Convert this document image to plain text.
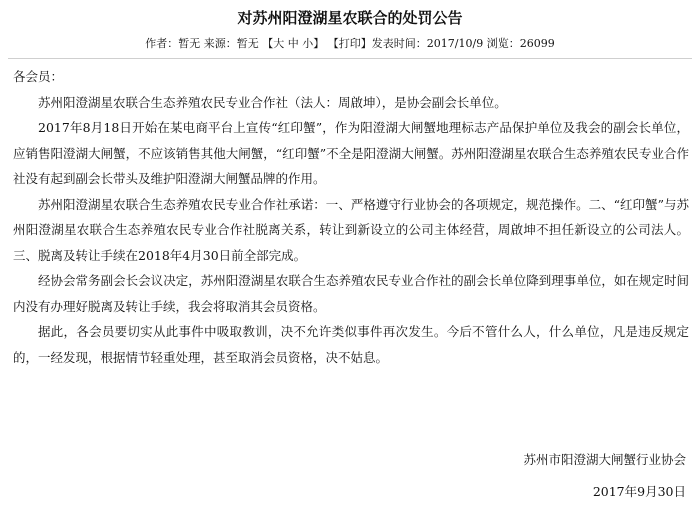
对苏州阳澄湖星农联合的处罚公告
作者：暂无 来源：暂无 【大 中 小】 【打印】发表时间：2017/10/9 浏览：26099

各会员：

苏州阳澄湖星农联合生态养殖农民专业合作社（法人：周啟坤），是协会副会长单位。

2017年8月18日开始在某电商平台上宣传“红印蟹”，作为阳澄湖大闸蟹地理标志产品保护单位及我会的副会长单位，应销售阳澄湖大闸蟹，不应该销售其他大闸蟹，“红印蟹”不全是阳澄湖大闸蟹。苏州阳澄湖星农联合生态养殖农民专业合作社没有起到副会长带头及维护阳澄湖大闸蟹品牌的作用。

苏州阳澄湖星农联合生态养殖农民专业合作社承诺：一、严格遵守行业协会的各项规定，规范操作。二、“红印蟹”与苏州阳澄湖星农联合生态养殖农民专业合作社脱离关系，转让到新设立的公司主体经营，周啟坤不担任新设立的公司法人。三、脱离及转让手续在2018年4月30日前全部完成。

经协会常务副会长会议决定，苏州阳澄湖星农联合生态养殖农民专业合作社的副会长单位降到理事单位，如在规定时间内没有办理好脱离及转让手续，我会将取消其会员资格。

据此，各会员要切实从此事件中吸取教训，决不允许类似事件再次发生。今后不管什么人，什么单位，凡是违反规定的，一经发现，根据情节轻重处理，甚至取消会员资格，决不姑息。

苏州市阳澄湖大闸蟹行业协会
2017年9月30日
